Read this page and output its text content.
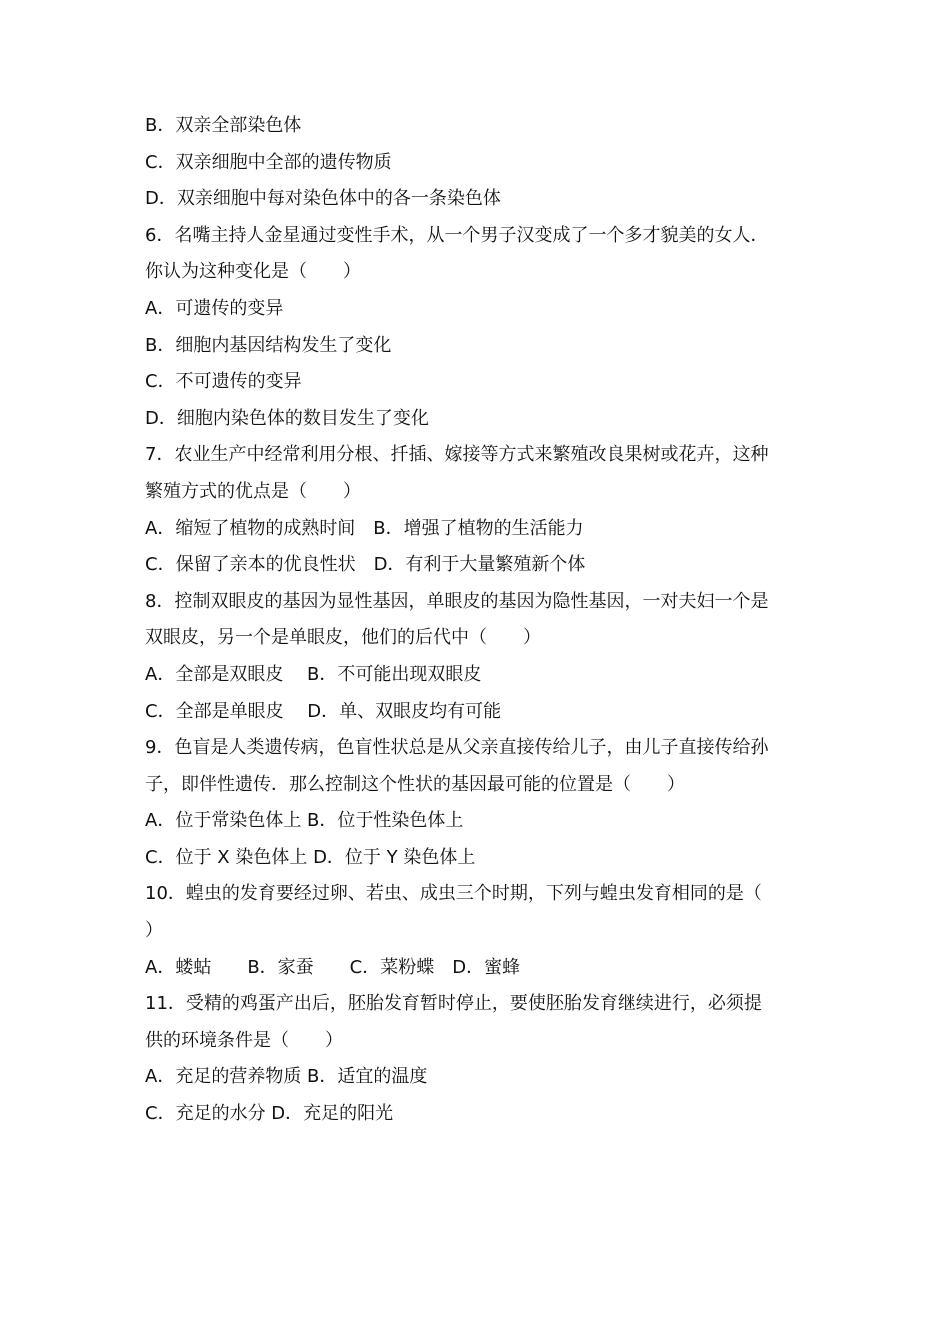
B．双亲全部染色体
C．双亲细胞中全部的遗传物质
D．双亲细胞中每对染色体中的各一条染色体
6．名嘴主持人金星通过变性手术，从一个男子汉变成了一个多才貌美的女人．
你认为这种变化是（　　）
A．可遗传的变异
B．细胞内基因结构发生了变化
C．不可遗传的变异
D．细胞内染色体的数目发生了变化
7．农业生产中经常利用分根、扦插、嫁接等方式来繁殖改良果树或花卉，这种
繁殖方式的优点是（　　）
A．缩短了植物的成熟时间　B．增强了植物的生活能力
C．保留了亲本的优良性状　D．有利于大量繁殖新个体
8．控制双眼皮的基因为显性基因，单眼皮的基因为隐性基因，一对夫妇一个是
双眼皮，另一个是单眼皮，他们的后代中（　　）
A．全部是双眼皮　 B．不可能出现双眼皮
C．全部是单眼皮　 D．单、双眼皮均有可能
9．色盲是人类遗传病，色盲性状总是从父亲直接传给儿子，由儿子直接传给孙
子，即伴性遗传．那么控制这个性状的基因最可能的位置是（　　）
A．位于常染色体上 B．位于性染色体上
C．位于 X 染色体上 D．位于 Y 染色体上
10．蝗虫的发育要经过卵、若虫、成虫三个时期，下列与蝗虫发育相同的是（
）
A．蝼蛄　　B．家蚕　　C．菜粉蝶　D．蜜蜂
11．受精的鸡蛋产出后，胚胎发育暂时停止，要使胚胎发育继续进行，必须提
供的环境条件是（　　）
A．充足的营养物质 B．适宜的温度
C．充足的水分 D．充足的阳光
